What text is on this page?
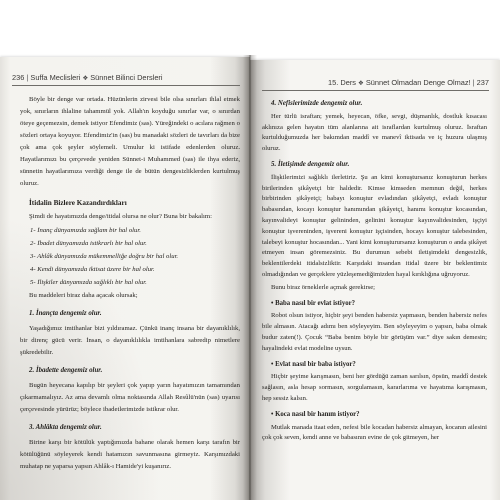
236 | Suffa Meclisleri ❖ Sünnet Bilinci Dersleri

Böyle bir denge var ortada. Hüzünlerin zirvesi bile olsa sınırları ihlal etmek yok, sınırların ihlaline tahammül yok. Allah'ın koyduğu sınırlar var, o sınırdan öteye geçemezsin, demek istiyor Efendimiz (sas). Yüreğindeki o acılara rağmen o sözleri ortaya koyuyor. Efendimiz'in (sas) bu manadaki sözleri de tavırları da bize çok ama çok şeyler söylemeli. Umulur ki istifade edenlerden oluruz. Hayatlarımızı bu çerçevede yeniden Sünnet-i Muhammed (sas) ile ihya ederiz, sünnetin hayatlarımıza verdiği denge ile de bütün dengesizliklerden kurtulmuş oluruz.

İtidalin Bizlere Kazandırdıkları

Şimdi de hayatımızda denge/itidal olursa ne olur? Buna bir bakalım:

1- İnanç dünyamızda sağlam bir hal olur.
2- İbadet dünyamızda istikrarlı bir hal olur.
3- Ahlâk dünyamızda mükemmelliğe doğru bir hal olur.
4- Kendi dünyamızda iktisat üzere bir hal olur.
5- İlişkiler dünyamızda sağlıklı bir hal olur.

Bu maddeleri biraz daha açacak olursak;

1. İnançta dengemiz olur.

Yaşadığımız imtihanlar bizi yıldıramaz. Çünkü inanç insana bir dayanıklılık, bir direnç gücü verir. İnsan, o dayanıklılıkla imtihanlara sabredip nimetlere şükredebilir.

2. İbadette dengemiz olur.

Bugün heyecana kapılıp bir şeyleri çok yapıp yarın hayatımızın tamamından çıkarmamalıyız. Az ama devamlı olma noktasında Allah Resûlü'nün (sas) uyarısı çerçevesinde yürürüz; böylece ibadetlerimizde istikrar olur.

3. Ahlâkta dengemiz olur.

Birine karşı bir kötülük yaptığımızda bahane olarak hemen karşı tarafın bir kötülüğünü söyleyerek kendi hatamızın savunmasına girmeyiz. Karşımızdaki muhatap ne yaparsa yapsın Ahlâk-ı Hamide'yi kuşanırız.

15. Ders ❖ Sünnet Olmadan Denge Olmaz! | 237
4. Nefislerimizde dengemiz olur.

Her türlü israftan; yemek, heyecan, öfke, sevgi, düşmanlık, dostluk kısacası aklınıza gelen hayatın tüm alanlarına ait israflardan kurtulmuş oluruz. İsraftan kurtulduğumuzda her bakımdan maddî ve manevî iktisada ve iç huzura ulaşmış oluruz.

5. İletişimde dengemiz olur.

İlişkilerimizi sağlıklı ilerletiriz. Şu an kimi konuştursanız konuşturun herkes birilerinden şikâyetçi bir haldedir. Kimse kimseden memnun değil, herkes birbirinden şikâyetçi; babayı konuştur evladından şikâyetçi, evladı konuştur babasından, kocayı konuştur hanımından şikâyetçi, hanımı konuştur kocasından, kayınvalideyi konuştur gelininden, gelinini konuştur kayınvalidesinden, işçiyi konuştur işvereninden, işvereni konuştur işçisinden, hocayı konuştur talebesinden, talebeyi konuştur hocasından... Yani kimi konuşturursanız konuşturun o anda şikâyet etmeyen insan göremezsiniz. Bu durumun sebebi iletişimdeki dengesizlik, beklentilerdeki itidalsizliktir. Karşıdaki insandan itidal üzere bir beklentimiz olmadığından ve gerçeklere yüzleşemediğimizden hayal kırıklığına uğruyoruz.

Bunu biraz örneklerle açmak gerekirse;

• Baba nasıl bir evlat istiyor?

Robot olsun istiyor, hiçbir şeyi benden habersiz yapmasın, benden habersiz nefes bile almasın. Atacağı adımı ben söyleyeyim. Ben söyleyeyim o yapsın, baba olmak budur zaten(!). Çocuk “Baba benim böyle bir görüşüm var.” diye sakın demesin; hayalindeki evlat modeline uysun.

• Evlat nasıl bir baba istiyor?

Hiçbir şeyime karışmasın, beni her gördüğü zaman sarılsın, öpsün, maddî destek sağlasın, asla hesap sormasın, sorgulamasın, kararlarıma ve hayatıma karışmasın, hep sessiz kalsın.

• Koca nasıl bir hanım istiyor?

Mutlak manada itaat eden, nefesi bile kocadan habersiz almayan, kocanın ailesini çok çok seven, kendi anne ve babasının evine de çok gitmeyen, her
